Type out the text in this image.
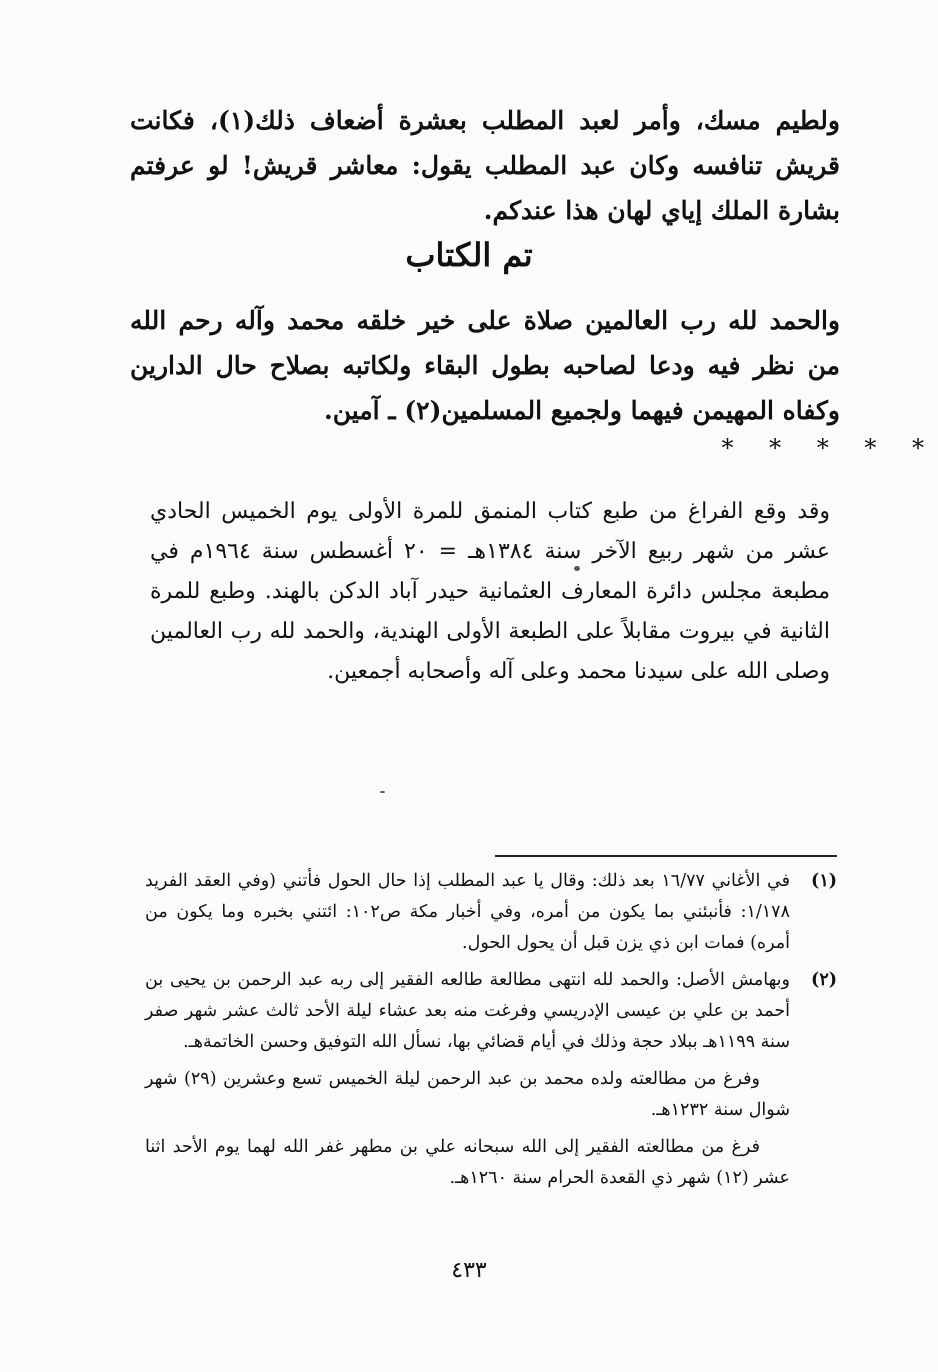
ولطيم مسك، وأمر لعبد المطلب بعشرة أضعاف ذلك(١)، فكانت قريش تنافسه وكان عبد المطلب يقول: معاشر قريش! لو عرفتم بشارة الملك إياي لهان هذا عندكم.
تم الكتاب
والحمد لله رب العالمين صلاة على خير خلقه محمد وآله رحم الله من نظر فيه ودعا لصاحبه بطول البقاء ولكاتبه بصلاح حال الدارين وكفاه المهيمن فيهما ولجميع المسلمين(٢) ـ آمين.
* * * * *
وقد وقع الفراغ من طبع كتاب المنمق للمرة الأولى يوم الخميس الحادي عشر من شهر ربيع الآخر سنة ١٣٨٤هـ = ٢٠ أغسطس سنة ١٩٦٤م في مطبعة مجلس دائرة المعارف العثمانية حيدر آباد الدكن بالهند. وطبع للمرة الثانية في بيروت مقابلاً على الطبعة الأولى الهندية، والحمد لله رب العالمين وصلى الله على سيدنا محمد وعلى آله وأصحابه أجمعين.
(١)
في الأغاني ١٦/٧٧ بعد ذلك: وقال يا عبد المطلب إذا حال الحول فأتني (وفي العقد الفريد ١/١٧٨: فأنبئني بما يكون من أمره، وفي أخبار مكة ص١٠٢: ائتني بخبره وما يكون من أمره) فمات ابن ذي يزن قبل أن يحول الحول.
(٢)
وبهامش الأصل: والحمد لله انتهى مطالعة طالعه الفقير إلى ربه عبد الرحمن بن يحيى بن أحمد بن علي بن عيسى الإدريسي وفرغت منه بعد عشاء ليلة الأحد ثالث عشر شهر صفر سنة ١١٩٩هـ ببلاد حجة وذلك في أيام قضائي بها، نسأل الله التوفيق وحسن الخاتمةهـ.
وفرغ من مطالعته ولده محمد بن عبد الرحمن ليلة الخميس تسع وعشرين (٢٩) شهر شوال سنة ١٢٣٢هـ.
فرغ من مطالعته الفقير إلى الله سبحانه علي بن مطهر غفر الله لهما يوم الأحد اثنا عشر (١٢) شهر ذي القعدة الحرام سنة ١٢٦٠هـ.
٤٣٣
